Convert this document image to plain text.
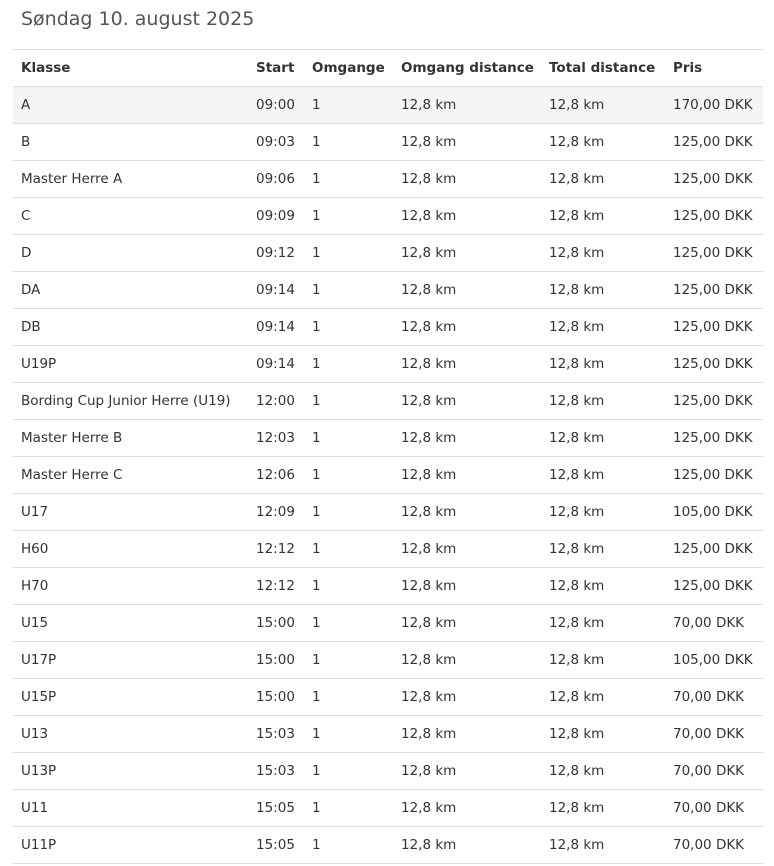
Søndag 10. august 2025
Klasse	Start	Omgange	Omgang distance	Total distance	Pris
A	09:00	1	12,8 km	12,8 km	170,00 DKK
B	09:03	1	12,8 km	12,8 km	125,00 DKK
Master Herre A	09:06	1	12,8 km	12,8 km	125,00 DKK
C	09:09	1	12,8 km	12,8 km	125,00 DKK
D	09:12	1	12,8 km	12,8 km	125,00 DKK
DA	09:14	1	12,8 km	12,8 km	125,00 DKK
DB	09:14	1	12,8 km	12,8 km	125,00 DKK
U19P	09:14	1	12,8 km	12,8 km	125,00 DKK
Bording Cup Junior Herre (U19)	12:00	1	12,8 km	12,8 km	125,00 DKK
Master Herre B	12:03	1	12,8 km	12,8 km	125,00 DKK
Master Herre C	12:06	1	12,8 km	12,8 km	125,00 DKK
U17	12:09	1	12,8 km	12,8 km	105,00 DKK
H60	12:12	1	12,8 km	12,8 km	125,00 DKK
H70	12:12	1	12,8 km	12,8 km	125,00 DKK
U15	15:00	1	12,8 km	12,8 km	70,00 DKK
U17P	15:00	1	12,8 km	12,8 km	105,00 DKK
U15P	15:00	1	12,8 km	12,8 km	70,00 DKK
U13	15:03	1	12,8 km	12,8 km	70,00 DKK
U13P	15:03	1	12,8 km	12,8 km	70,00 DKK
U11	15:05	1	12,8 km	12,8 km	70,00 DKK
U11P	15:05	1	12,8 km	12,8 km	70,00 DKK
